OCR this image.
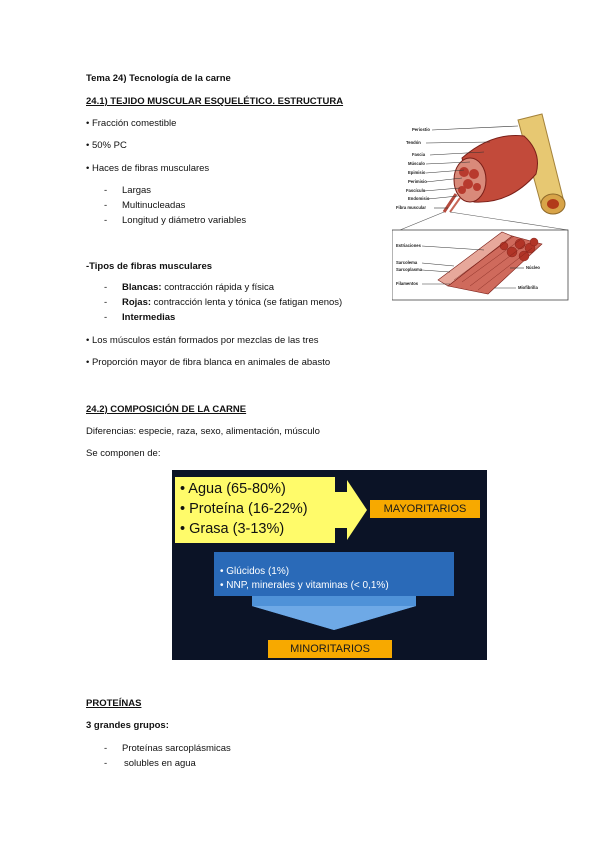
Tema 24) Tecnología de la carne
24.1) TEJIDO MUSCULAR ESQUELÉTICO. ESTRUCTURA
• Fracción comestible
• 50% PC
• Haces de fibras musculares
- Largas
- Multinucleadas
- Longitud y diámetro variables
-Tipos de fibras musculares
- Blancas: contracción rápida y física
- Rojas: contracción lenta y tónica (se fatigan menos)
- Intermedias
• Los músculos están formados por mezclas de las tres
• Proporción mayor de fibra blanca en animales de abasto
Periostio
Tendón
Fascia
Músculo
Epimisio
Perimisio
Fascículo
Endomisio
Fibra muscular
Estriaciones
Sarcolema
Sarcoplasma
Filamentos
Núcleo
Miofibrilla
24.2) COMPOSICIÓN DE LA CARNE
Diferencias: especie, raza, sexo, alimentación, músculo
Se componen de:
• Agua (65-80%)
• Proteína (16-22%)
• Grasa (3-13%)
MAYORITARIOS
• Glúcidos (1%)
• NNP, minerales y vitaminas (< 0,1%)
MINORITARIOS
PROTEÍNAS
3 grandes grupos:
- Proteínas sarcoplásmicas
- solubles en agua
